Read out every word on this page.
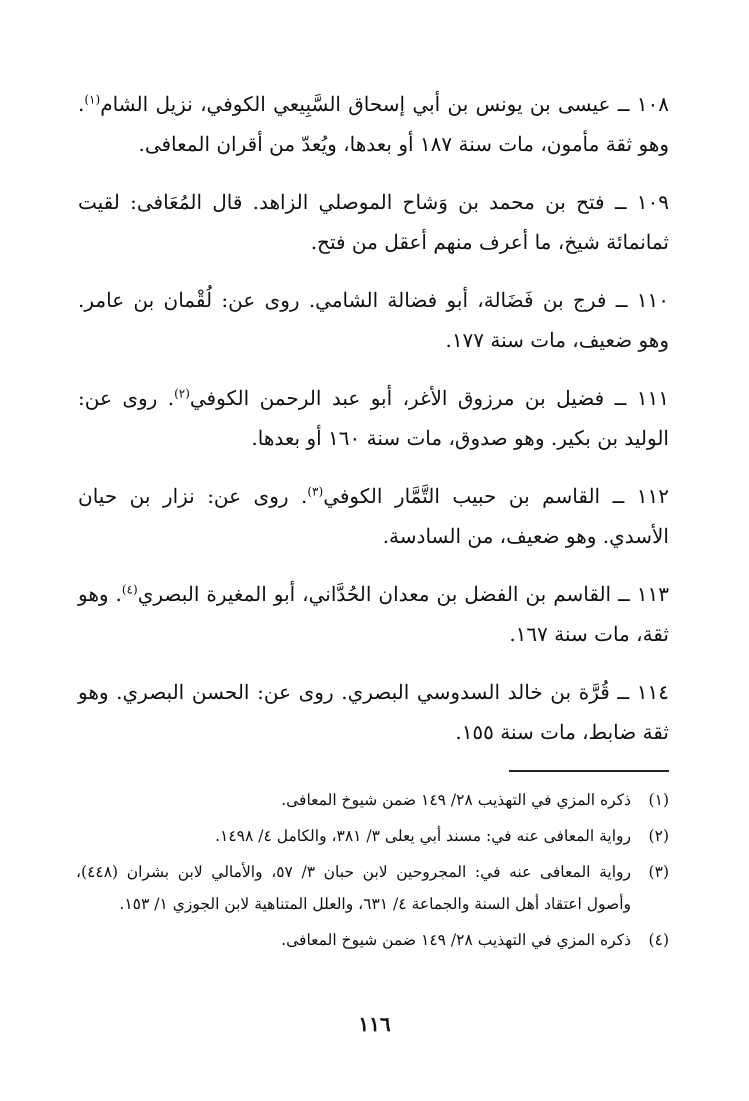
١٠٨ ــ عيسى بن يونس بن أبي إسحاق السَّبِيعي الكوفي، نزيل الشام$^{(١)}$. وهو ثقة مأمون، مات سنة ١٨٧ أو بعدها، ويُعدّ من أقران المعافى.

١٠٩ ــ فتح بن محمد بن وَشاح الموصلي الزاهد. قال المُعَافى: لقيت ثمانمائة شيخ، ما أعرف منهم أعقل من فتح.

١١٠ ــ فرج بن فَضَالة، أبو فضالة الشامي. روى عن: لُقْمان بن عامر. وهو ضعيف، مات سنة ١٧٧.

١١١ ــ فضيل بن مرزوق الأغر، أبو عبد الرحمن الكوفي$^{(٢)}$. روى عن: الوليد بن بكير. وهو صدوق، مات سنة ١٦٠ أو بعدها.

١١٢ ــ القاسم بن حبيب التَّمَّار الكوفي$^{(٣)}$. روى عن: نزار بن حيان الأسدي. وهو ضعيف، من السادسة.

١١٣ ــ القاسم بن الفضل بن معدان الحُدَّاني، أبو المغيرة البصري$^{(٤)}$. وهو ثقة، مات سنة ١٦٧.

١١٤ ــ قُرَّة بن خالد السدوسي البصري. روى عن: الحسن البصري. وهو ثقة ضابط، مات سنة ١٥٥.

(١)
ذكره المزي في التهذيب ٢٨/ ١٤٩ ضمن شيوخ المعافى.
(٢)
رواية المعافى عنه في: مسند أبي يعلى ٣/ ٣٨١، والكامل ٤/ ١٤٩٨.
(٣)
رواية المعافى عنه في: المجروحين لابن حبان ٣/ ٥٧، والأمالي لابن بشران (٤٤٨)، وأصول اعتقاد أهل السنة والجماعة ٤/ ٦٣١، والعلل المتناهية لابن الجوزي ١/ ١٥٣.
(٤)
ذكره المزي في التهذيب ٢٨/ ١٤٩ ضمن شيوخ المعافى.
١١٦
